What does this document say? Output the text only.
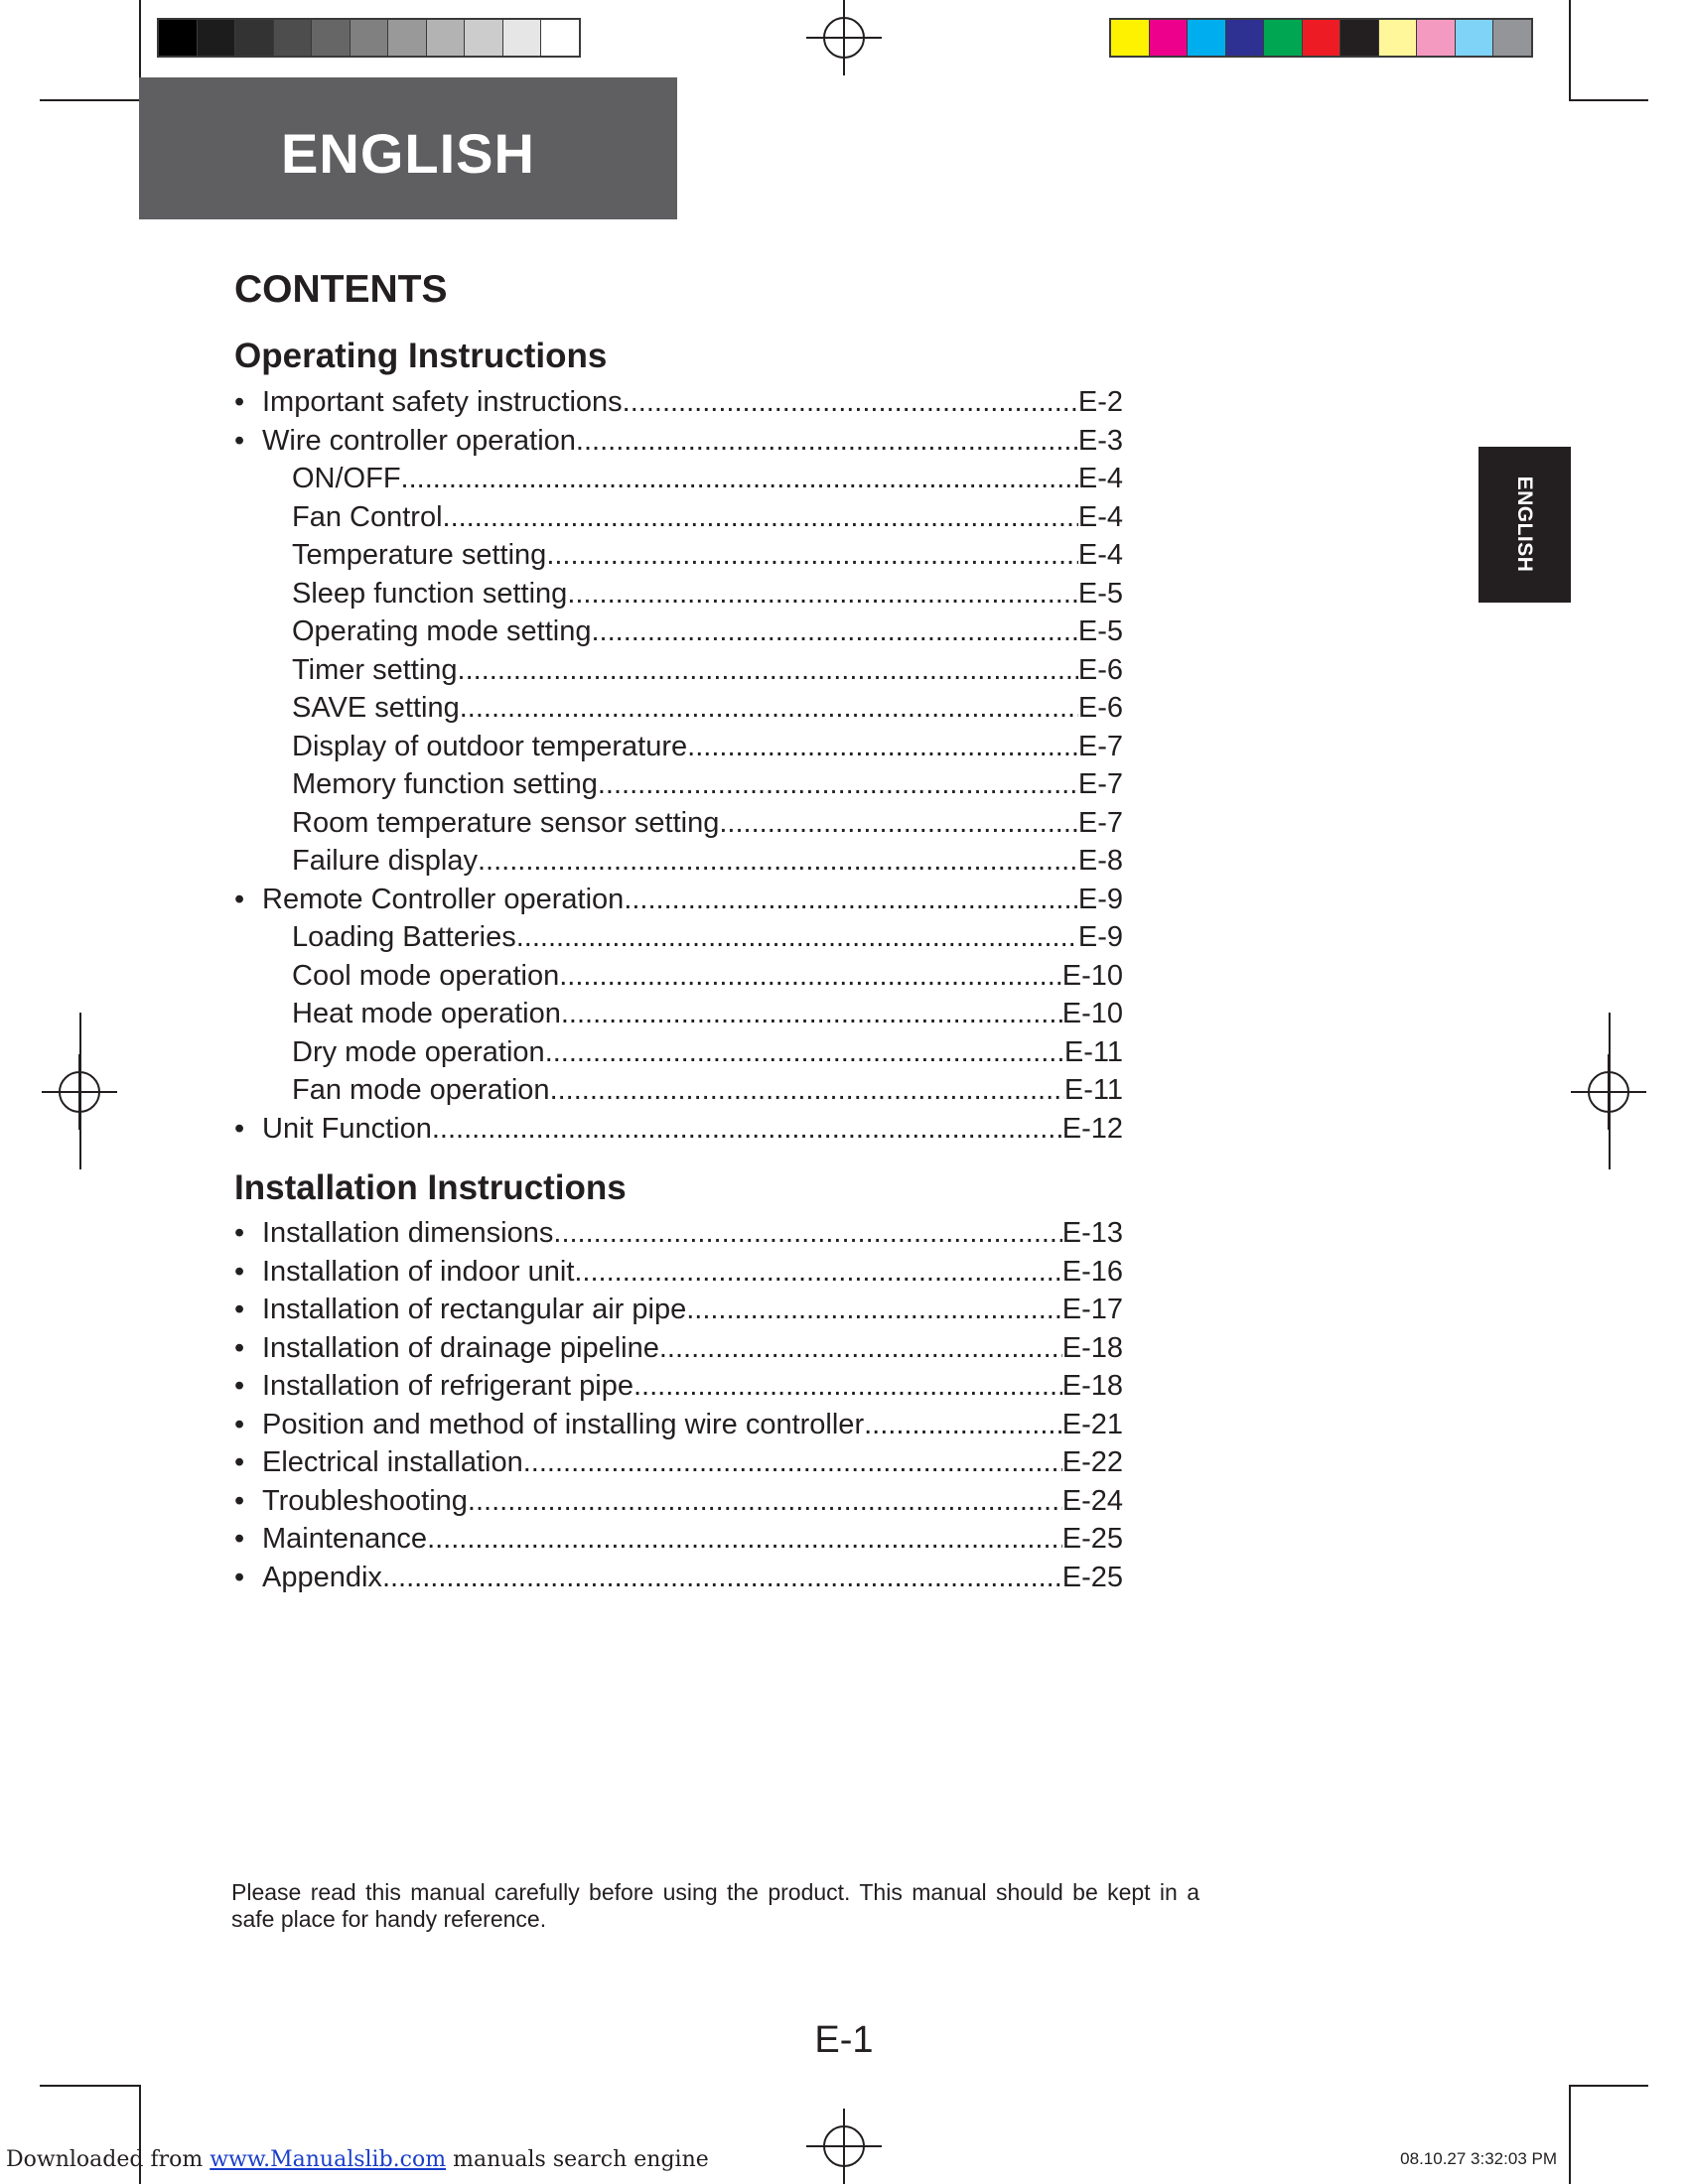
ENGLISH
ENGLISH
CONTENTS
Operating Instructions
• Important safety instructions .....	E-2
• Wire controller operation .....	E-3
ON/OFF .....	E-4
Fan Control .....	E-4
Temperature setting .....	E-4
Sleep function setting .....	E-5
Operating mode setting .....	E-5
Timer setting .....	E-6
SAVE setting .....	E-6
Display of outdoor temperature .....	E-7
Memory function setting .....	E-7
Room temperature sensor setting .....	E-7
Failure display .....	E-8
• Remote Controller operation .....	E-9
Loading Batteries .....	E-9
Cool mode operation .....	E-10
Heat mode operation .....	E-10
Dry mode operation .....	E-11
Fan mode operation .....	E-11
• Unit Function .....	E-12
Installation Instructions
• Installation dimensions .....	E-13
• Installation of indoor unit .....	E-16
• Installation of rectangular air pipe .....	E-17
• Installation of drainage pipeline .....	E-18
• Installation of refrigerant pipe .....	E-18
• Position and method of installing wire controller .....	E-21
• Electrical installation .....	E-22
• Troubleshooting .....	E-24
• Maintenance .....	E-25
• Appendix .....	E-25
Please read this manual carefully before using the product. This manual should be kept in a safe place for handy reference.
E-1
Downloaded from www.Manualslib.com manuals search engine	08.10.27 3:32:03 PM
